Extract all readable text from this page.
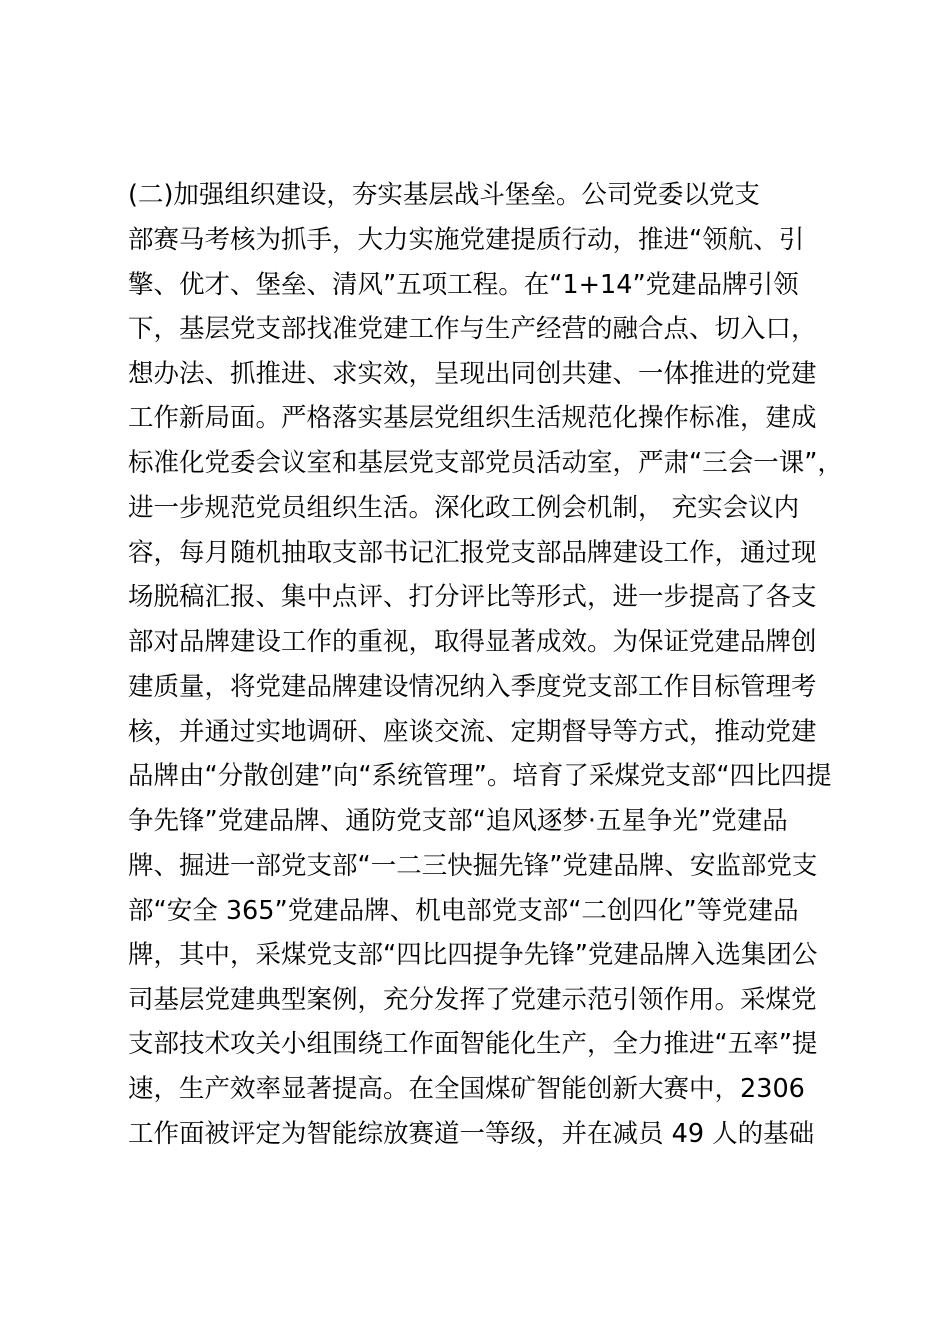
(二)加强组织建设，夯实基层战斗堡垒。公司党委以党支
部赛马考核为抓手，大力实施党建提质行动，推进“领航、引
擎、优才、堡垒、清风”五项工程。在“1+14”党建品牌引领
下，基层党支部找准党建工作与生产经营的融合点、切入口，
想办法、抓推进、求实效，呈现出同创共建、一体推进的党建
工作新局面。严格落实基层党组织生活规范化操作标准，建成
标准化党委会议室和基层党支部党员活动室，严肃“三会一课”，
进一步规范党员组织生活。深化政工例会机制， 充实会议内
容，每月随机抽取支部书记汇报党支部品牌建设工作，通过现
场脱稿汇报、集中点评、打分评比等形式，进一步提高了各支
部对品牌建设工作的重视，取得显著成效。为保证党建品牌创
建质量，将党建品牌建设情况纳入季度党支部工作目标管理考
核，并通过实地调研、座谈交流、定期督导等方式，推动党建
品牌由“分散创建”向“系统管理”。培育了采煤党支部“四比四提
争先锋”党建品牌、通防党支部“追风逐梦·五星争光”党建品
牌、掘进一部党支部“一二三快掘先锋”党建品牌、安监部党支
部“安全 365”党建品牌、机电部党支部“二创四化”等党建品
牌，其中，采煤党支部“四比四提争先锋”党建品牌入选集团公
司基层党建典型案例，充分发挥了党建示范引领作用。采煤党
支部技术攻关小组围绕工作面智能化生产，全力推进“五率”提
速，生产效率显著提高。在全国煤矿智能创新大赛中，2306
工作面被评定为智能综放赛道一等级，并在减员 49 人的基础
